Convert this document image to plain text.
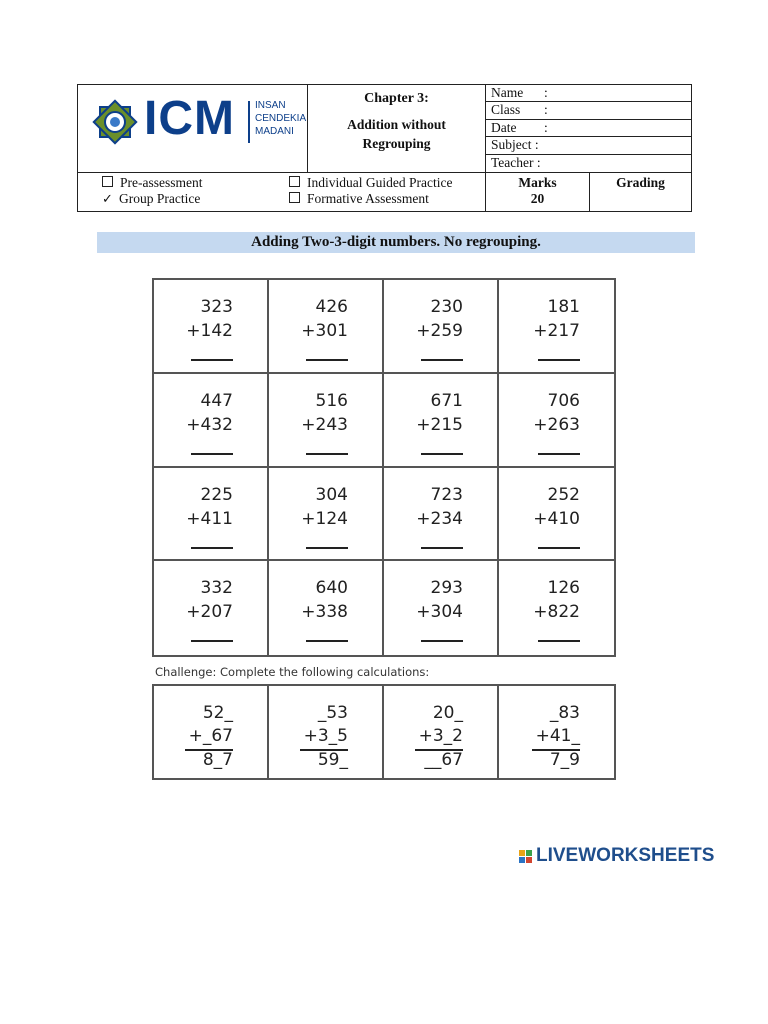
ICM INSAN
CENDEKIA
MADANI
Chapter 3:
Addition without
Regrouping
Name :
Class :
Date :
Subject :
Teacher :
Pre-assessment
✓ Group Practice
Individual Guided Practice
Formative Assessment
Marks
20
Grading
Adding Two-3-digit numbers. No regrouping.
323
+142
426
+301
230
+259
181
+217
447
+432
516
+243
671
+215
706
+263
225
+411
304
+124
723
+234
252
+410
332
+207
640
+338
293
+304
126
+822
Challenge: Complete the following calculations:
52_
+_67
8_7
_53
+3_5
59_
20_
+3_2
__67
_83
+41_
7_9
LIVEWORKSHEETS
